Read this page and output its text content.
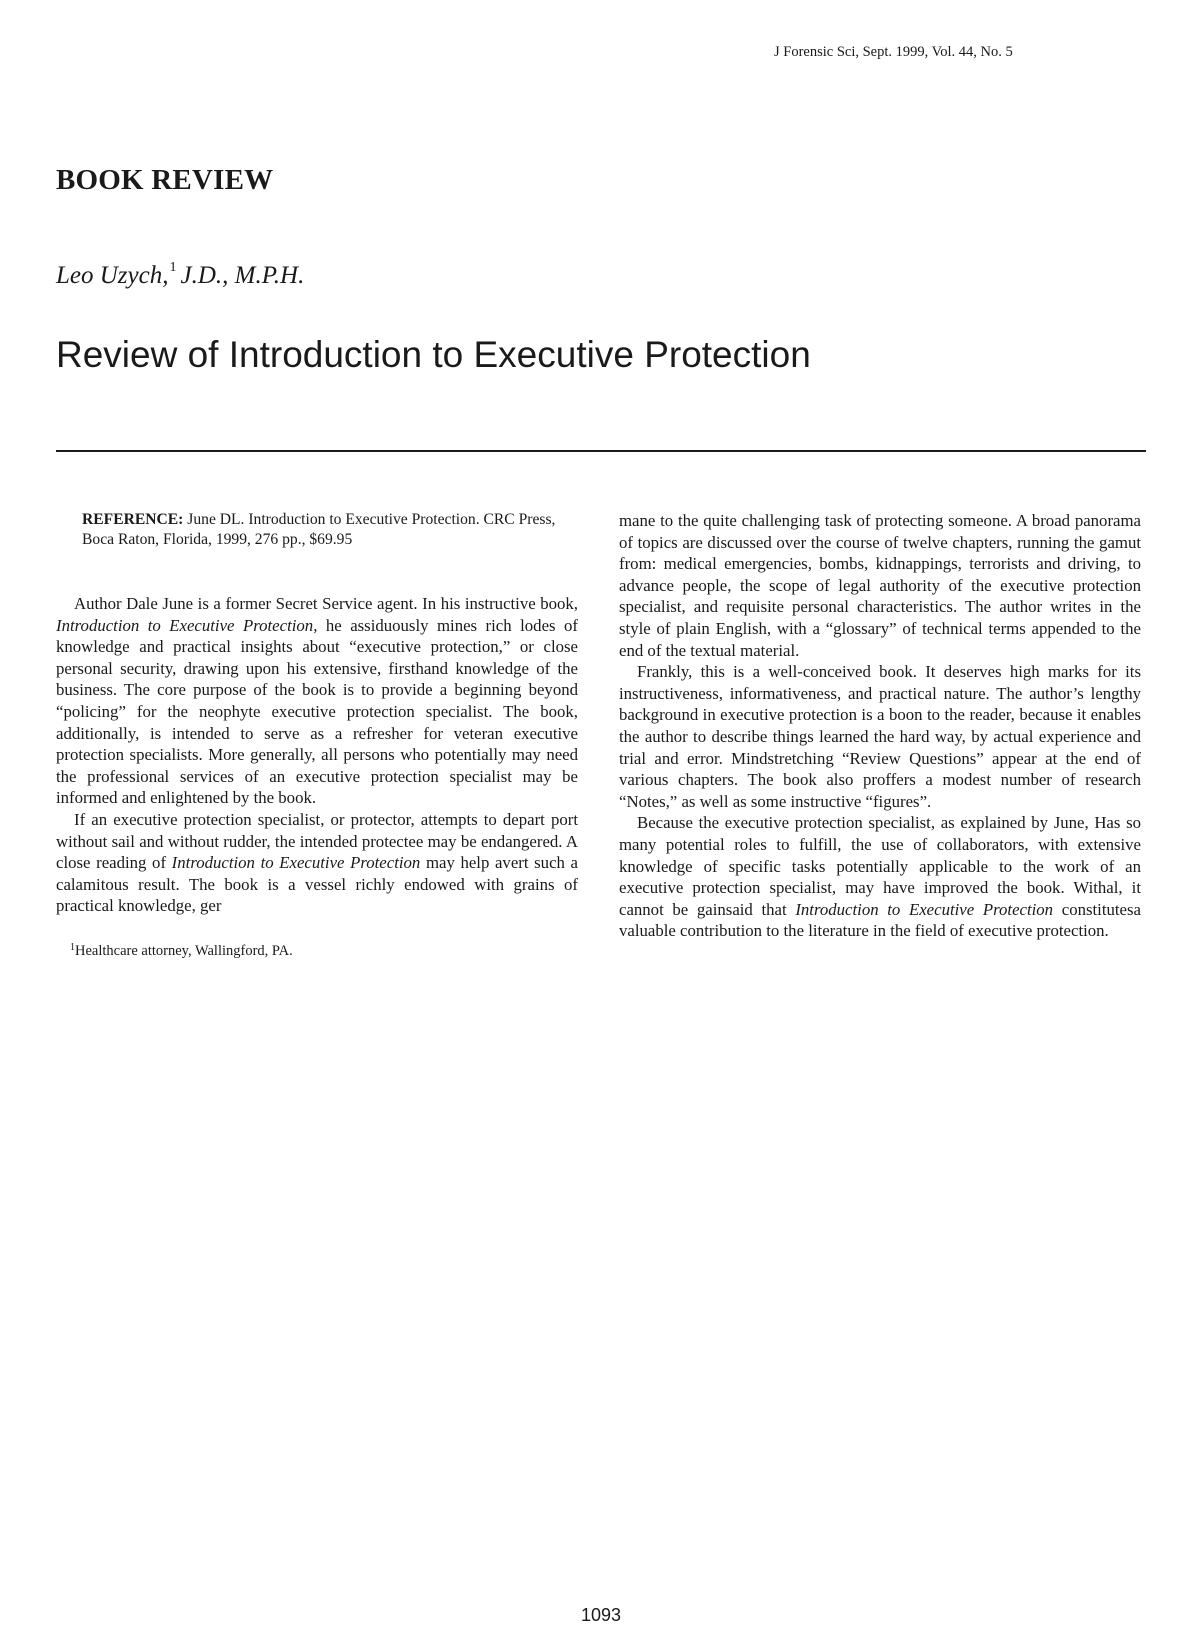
J Forensic Sci, Sept. 1999, Vol. 44, No. 5
BOOK REVIEW
Leo Uzych,$^1$ J.D., M.P.H.
Review of Introduction to Executive Protection
REFERENCE: June DL. Introduction to Executive Protection. CRC Press, Boca Raton, Florida, 1999, 276 pp., $69.95

Author Dale June is a former Secret Service agent. In his instructive book, Introduction to Executive Protection, he assiduously mines rich lodes of knowledge and practical insights about “executive protection,” or close personal security, drawing upon his extensive, firsthand knowledge of the business. The core purpose of the book is to provide a beginning beyond “policing” for the neophyte executive protection specialist. The book, additionally, is intended to serve as a refresher for veteran executive protection specialists. More generally, all persons who potentially may need the professional services of an executive protection specialist may be informed and enlightened by the book.

If an executive protection specialist, or protector, attempts to depart port without sail and without rudder, the intended protectee may be endangered. A close reading of Introduction to Executive Protection may help avert such a calamitous result. The book is a vessel richly endowed with grains of practical knowledge, ger

$^1$Healthcare attorney, Wallingford, PA.

mane to the quite challenging task of protecting someone. A broad panorama of topics are discussed over the course of twelve chapters, running the gamut from: medical emergencies, bombs, kidnappings, terrorists and driving, to advance people, the scope of legal authority of the executive protection specialist, and requisite personal characteristics. The author writes in the style of plain English, with a “glossary” of technical terms appended to the end of the textual material.

Frankly, this is a well-conceived book. It deserves high marks for its instructiveness, informativeness, and practical nature. The author’s lengthy background in executive protection is a boon to the reader, because it enables the author to describe things learned the hard way, by actual experience and trial and error. Mindstretching “Review Questions” appear at the end of various chapters. The book also proffers a modest number of research “Notes,” as well as some instructive “figures”.

Because the executive protection specialist, as explained by June, Has so many potential roles to fulfill, the use of collaborators, with extensive knowledge of specific tasks potentially applicable to the work of an executive protection specialist, may have improved the book. Withal, it cannot be gainsaid that Introduction to Executive Protection constitutesa valuable contribution to the literature in the field of executive protection.

1093
